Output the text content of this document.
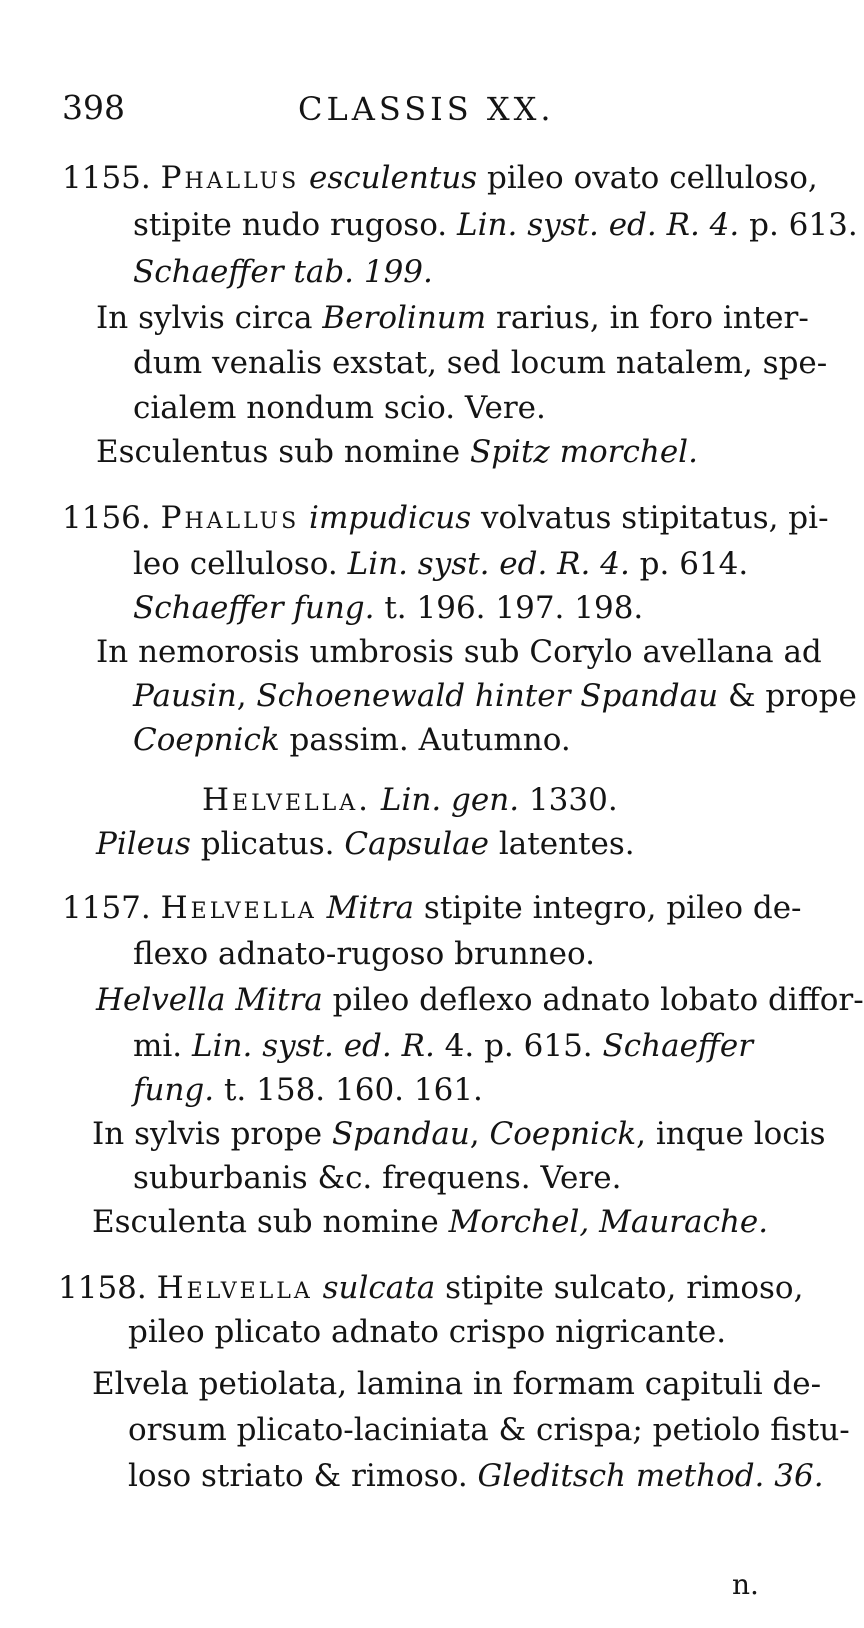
398	CLASSIS XX.
1155. Phallus esculentus pileo ovato celluloso,
stipite nudo rugoso. Lin. syst. ed. R. 4. p. 613.
Schaeffer tab. 199.
In sylvis circa Berolinum rarius, in foro inter-
dum venalis exstat, sed locum natalem, spe-
cialem nondum scio. Vere.
Esculentus sub nomine Spitz morchel.
1156. Phallus impudicus volvatus stipitatus, pi-
leo celluloso. Lin. syst. ed. R. 4. p. 614.
Schaeffer fung. t. 196. 197. 198.
In nemorosis umbrosis sub Corylo avellana ad
Pausin, Schoenewald hinter Spandau & prope
Coepnick passim. Autumno.
Helvella. Lin. gen. 1330.
Pileus plicatus. Capsulae latentes.
1157. Helvella Mitra stipite integro, pileo de-
flexo adnato-rugoso brunneo.
Helvella Mitra pileo deflexo adnato lobato diffor-
mi. Lin. syst. ed. R. 4. p. 615. Schaeffer
fung. t. 158. 160. 161.
In sylvis prope Spandau, Coepnick, inque locis
suburbanis &c. frequens. Vere.
Esculenta sub nomine Morchel, Maurache.
1158. Helvella sulcata stipite sulcato, rimoso,
pileo plicato adnato crispo nigricante.
Elvela petiolata, lamina in formam capituli de-
orsum plicato-laciniata & crispa; petiolo fistu-
loso striato & rimoso. Gleditsch method. 36.
n.
